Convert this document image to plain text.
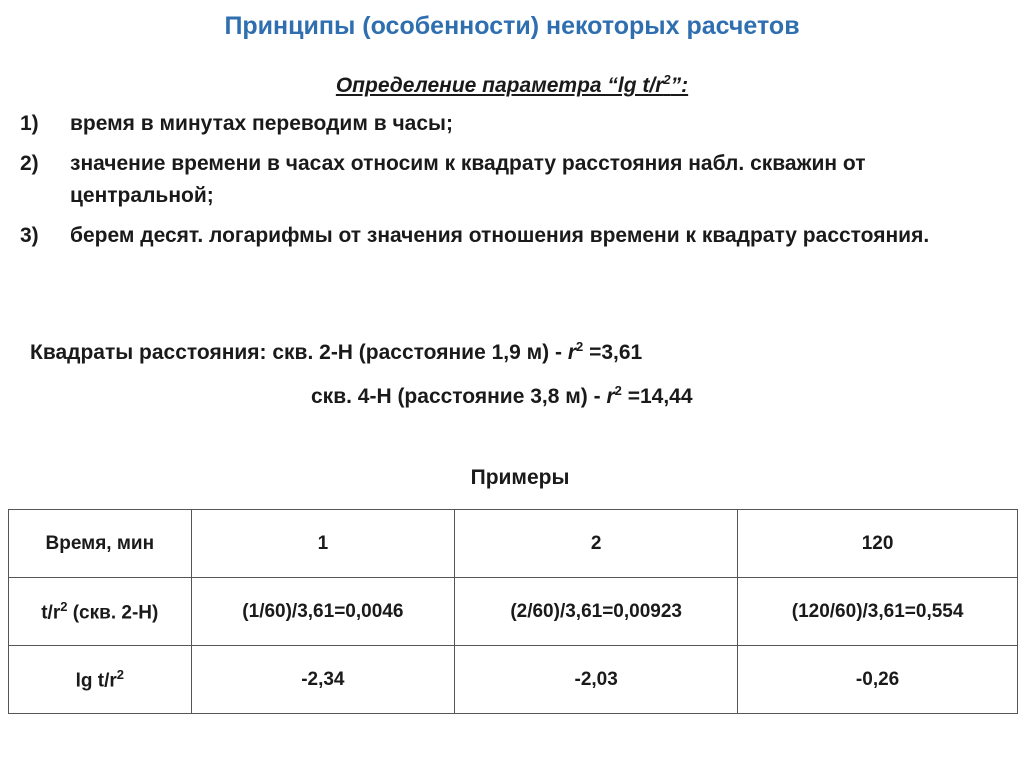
Принципы (особенности) некоторых расчетов
Определение параметра “lg $t/r^2$”:
1)	время в минутах переводим в часы;
2)	значение времени в часах относим к квадрату расстояния набл. скважин от центральной;
3)	берем десят. логарифмы от значения отношения времени к квадрату расстояния.
Квадраты расстояния: скв. 2-Н (расстояние 1,9 $м) - r^2 =3,61$
скв. 4-Н (расстояние 3,8 $м) - r^2 =14,44$
Примеры
Время, мин	1	2	120
$t/r^2$ (скв. 2-Н)	(1/60)/3,61=0,0046	(2/60)/3,61=0,00923	(120/60)/3,61=0,554
$\lg t/r^2$	-2,34	-2,03	-0,26
